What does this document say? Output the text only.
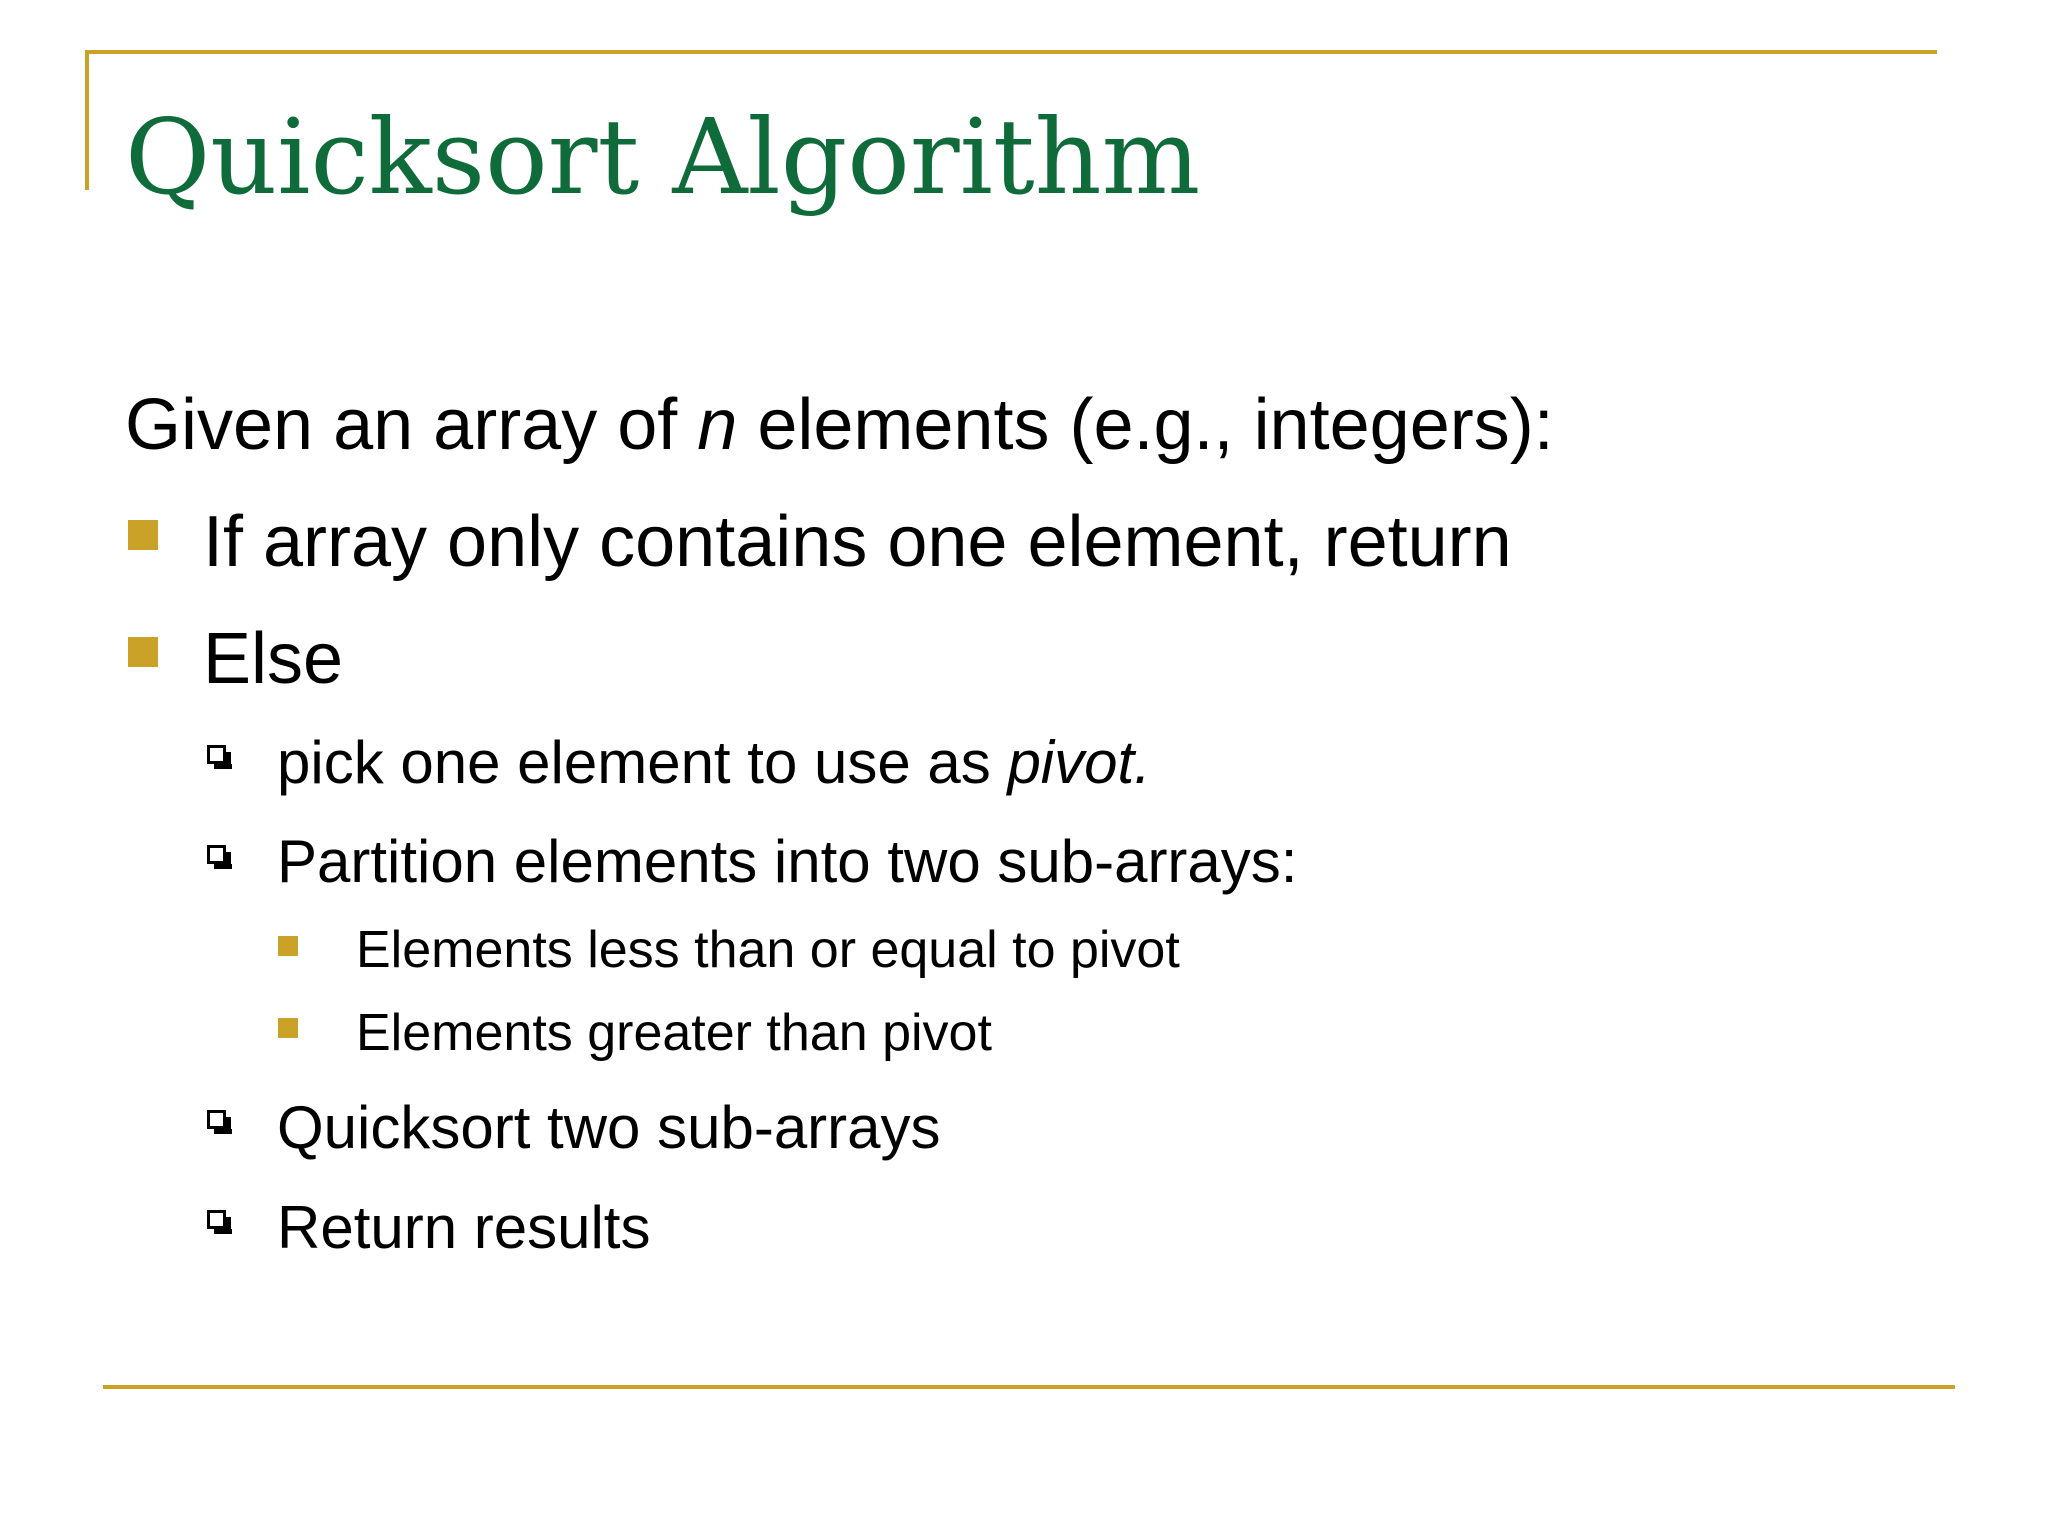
Quicksort Algorithm

Given an array of n elements (e.g., integers):

If array only contains one element, return

Else

pick one element to use as pivot.

Partition elements into two sub-arrays:

Elements less than or equal to pivot

Elements greater than pivot

Quicksort two sub-arrays

Return results
